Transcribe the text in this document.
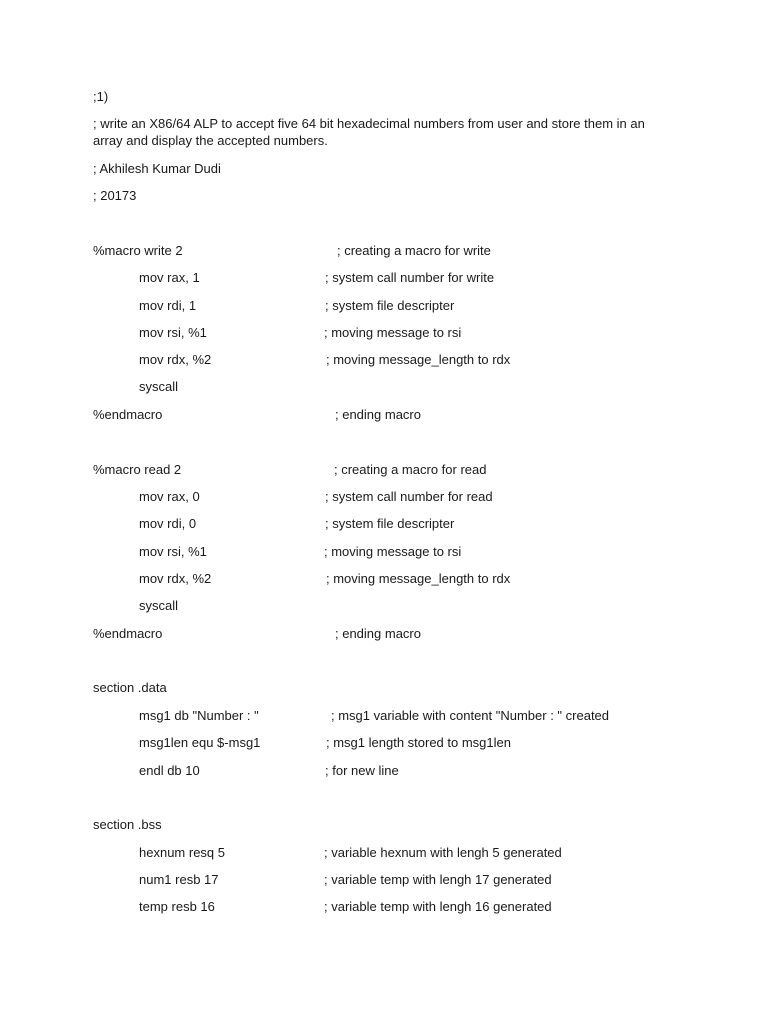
;1)
; write an X86/64 ALP to accept five 64 bit hexadecimal numbers from user and store them in an array and display the accepted numbers.
; Akhilesh Kumar Dudi
; 20173
%macro write 2	; creating a macro for write
mov rax, 1	; system call number for write
mov rdi, 1	; system file descripter
mov rsi, %1	; moving message to rsi
mov rdx, %2	; moving message_length to rdx
syscall
%endmacro	; ending macro
%macro read 2	; creating a macro for read
mov rax, 0	; system call number for read
mov rdi, 0	; system file descripter
mov rsi, %1	; moving message to rsi
mov rdx, %2	; moving message_length to rdx
syscall
%endmacro	; ending macro
section .data
msg1 db "Number : "	; msg1 variable with content "Number : " created
msg1len equ $-msg1	; msg1 length stored to msg1len
endl db 10	; for new line
section .bss
hexnum resq 5	; variable hexnum with lengh 5 generated
num1 resb 17	; variable temp with lengh 17 generated
temp resb 16	; variable temp with lengh 16 generated
